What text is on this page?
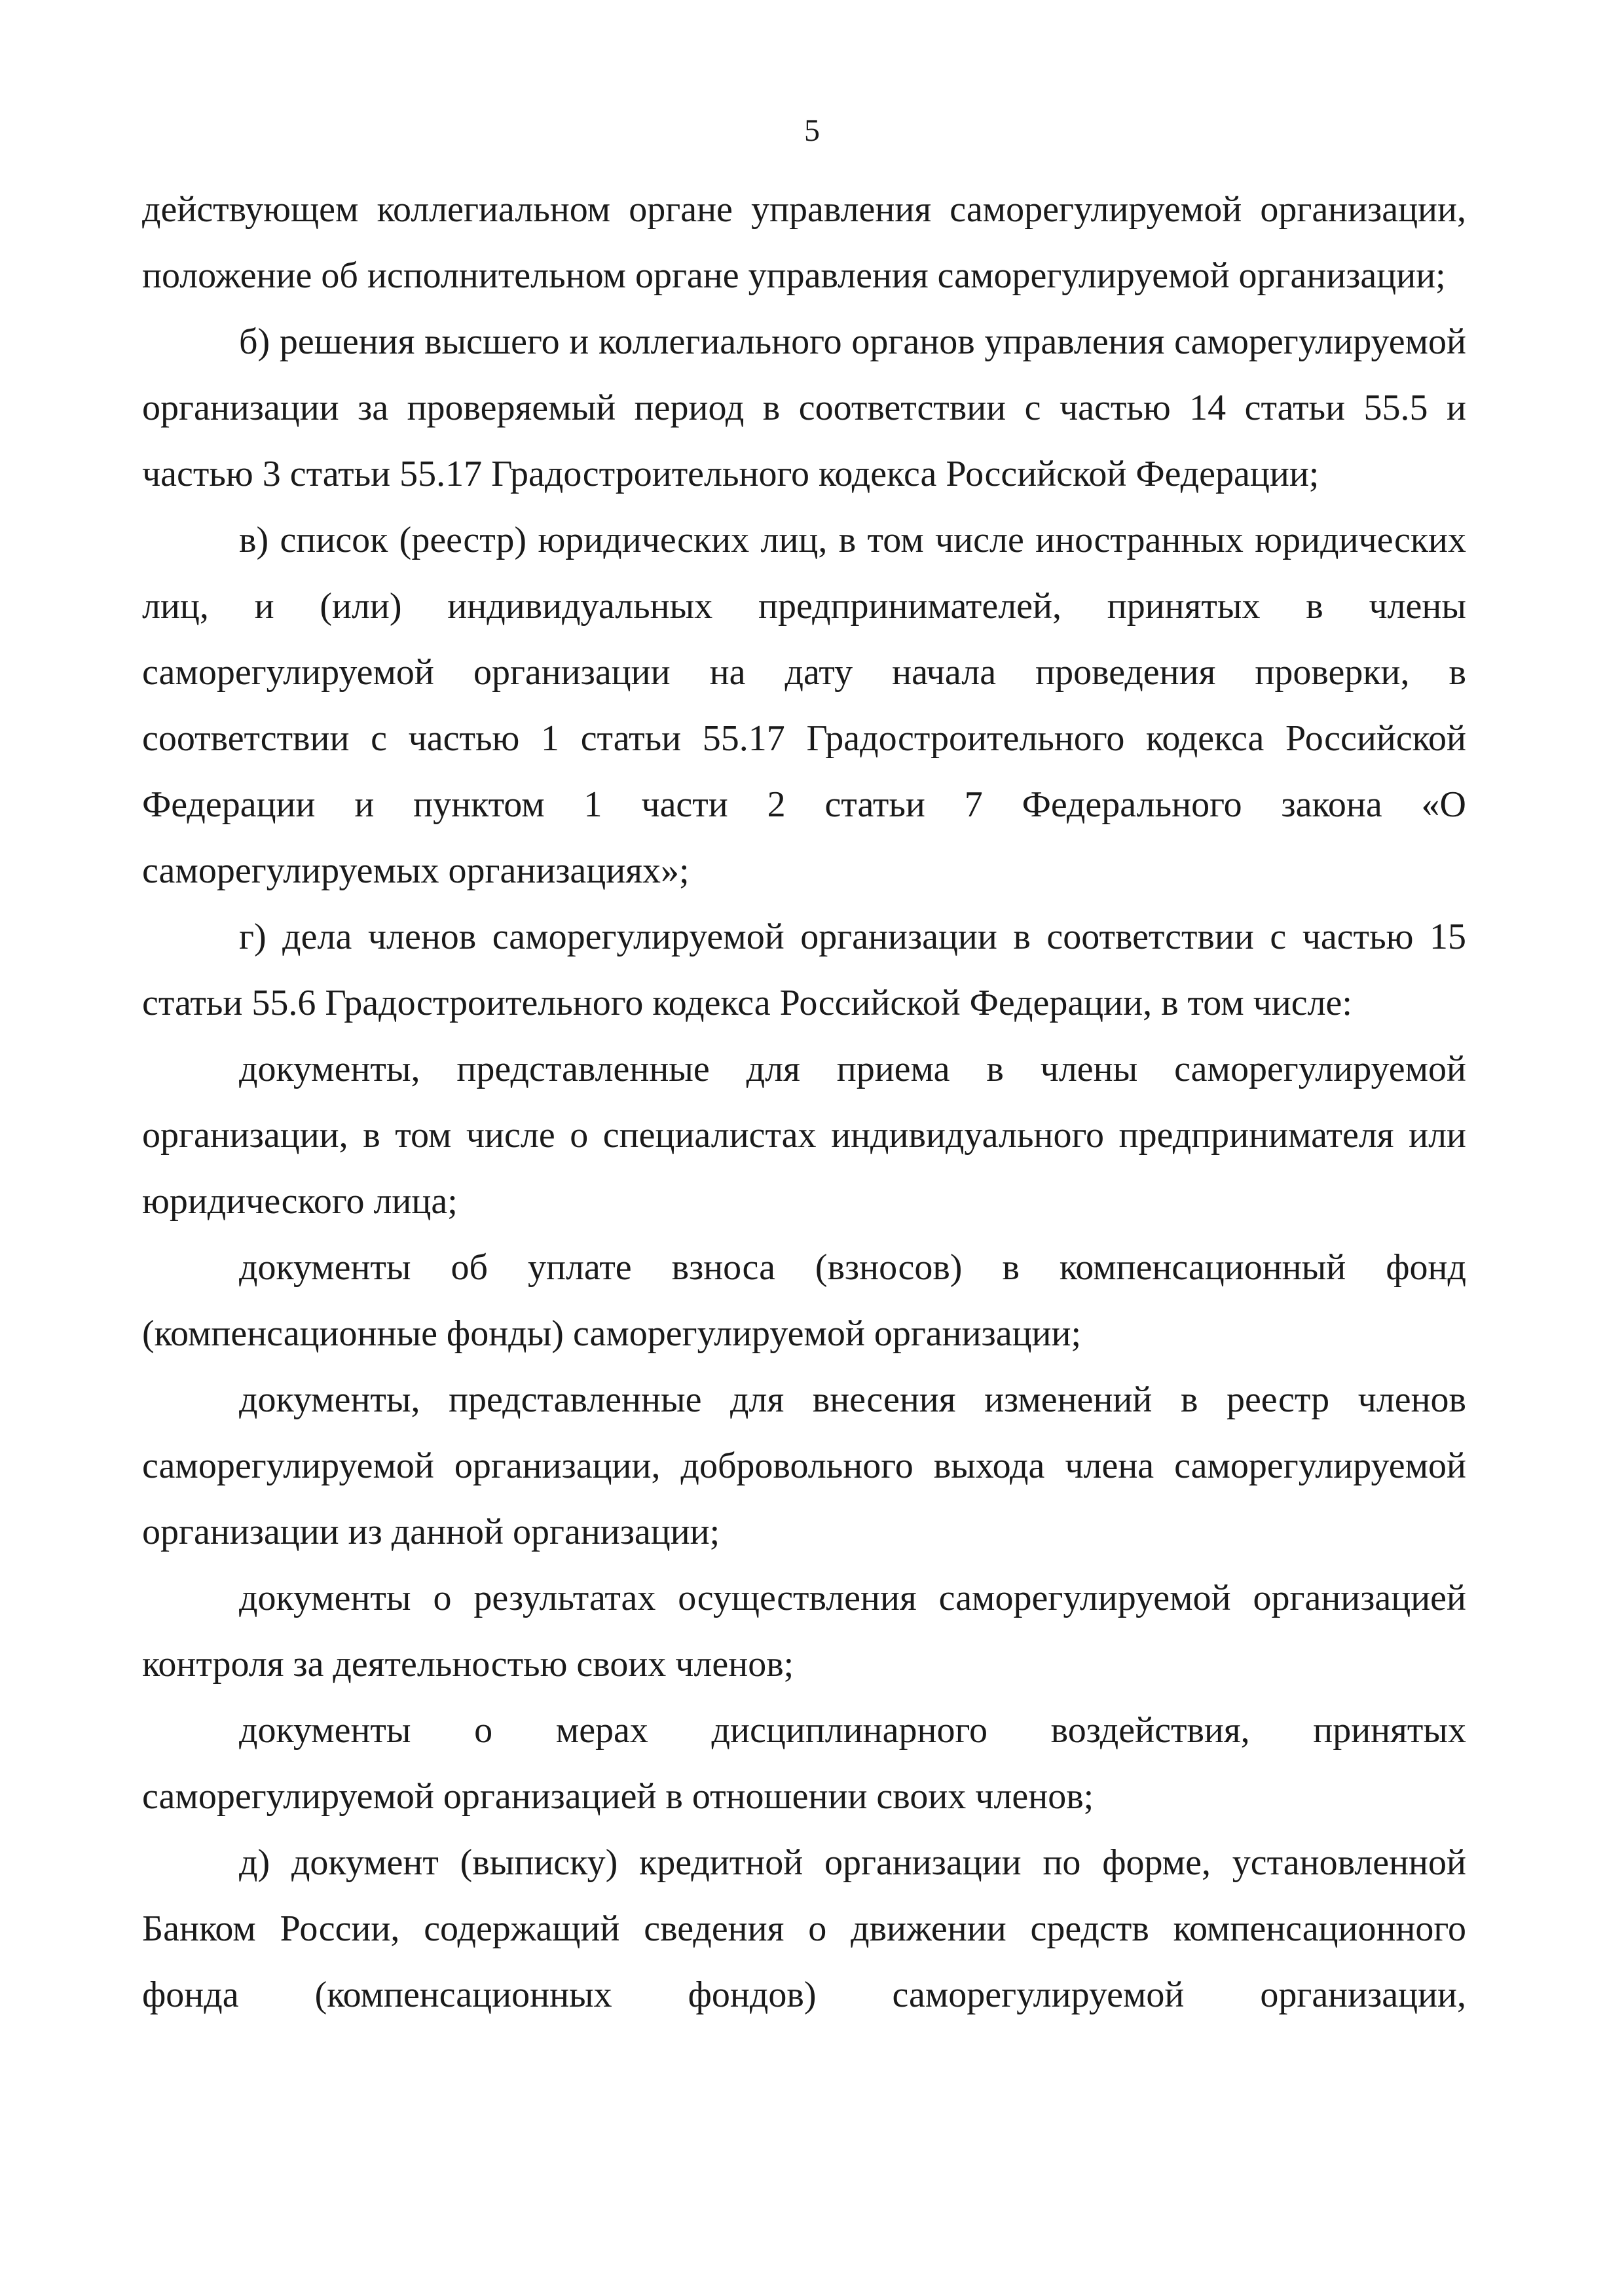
5

действующем коллегиальном органе управления саморегулируемой организации, положение об исполнительном органе управления саморегулируемой организации;

б) решения высшего и коллегиального органов управления саморегулируемой организации за проверяемый период в соответствии с частью 14 статьи 55.5 и частью 3 статьи 55.17 Градостроительного кодекса Российской Федерации;

в) список (реестр) юридических лиц, в том числе иностранных юридических лиц, и (или) индивидуальных предпринимателей, принятых в члены саморегулируемой организации на дату начала проведения проверки, в соответствии с частью 1 статьи 55.17 Градостроительного кодекса Российской Федерации и пунктом 1 части 2 статьи 7 Федерального закона «О саморегулируемых организациях»;

г) дела членов саморегулируемой организации в соответствии с частью 15 статьи 55.6 Градостроительного кодекса Российской Федерации, в том числе:

документы, представленные для приема в члены саморегулируемой организации, в том числе о специалистах индивидуального предпринимателя или юридического лица;

документы об уплате взноса (взносов) в компенсационный фонд (компенсационные фонды) саморегулируемой организации;

документы, представленные для внесения изменений в реестр членов саморегулируемой организации, добровольного выхода члена саморегулируемой организации из данной организации;

документы о результатах осуществления саморегулируемой организацией контроля за деятельностью своих членов;

документы о мерах дисциплинарного воздействия, принятых саморегулируемой организацией в отношении своих членов;

д) документ (выписку) кредитной организации по форме, установленной Банком России, содержащий сведения о движении средств компенсационного фонда (компенсационных фондов) саморегулируемой организации,
